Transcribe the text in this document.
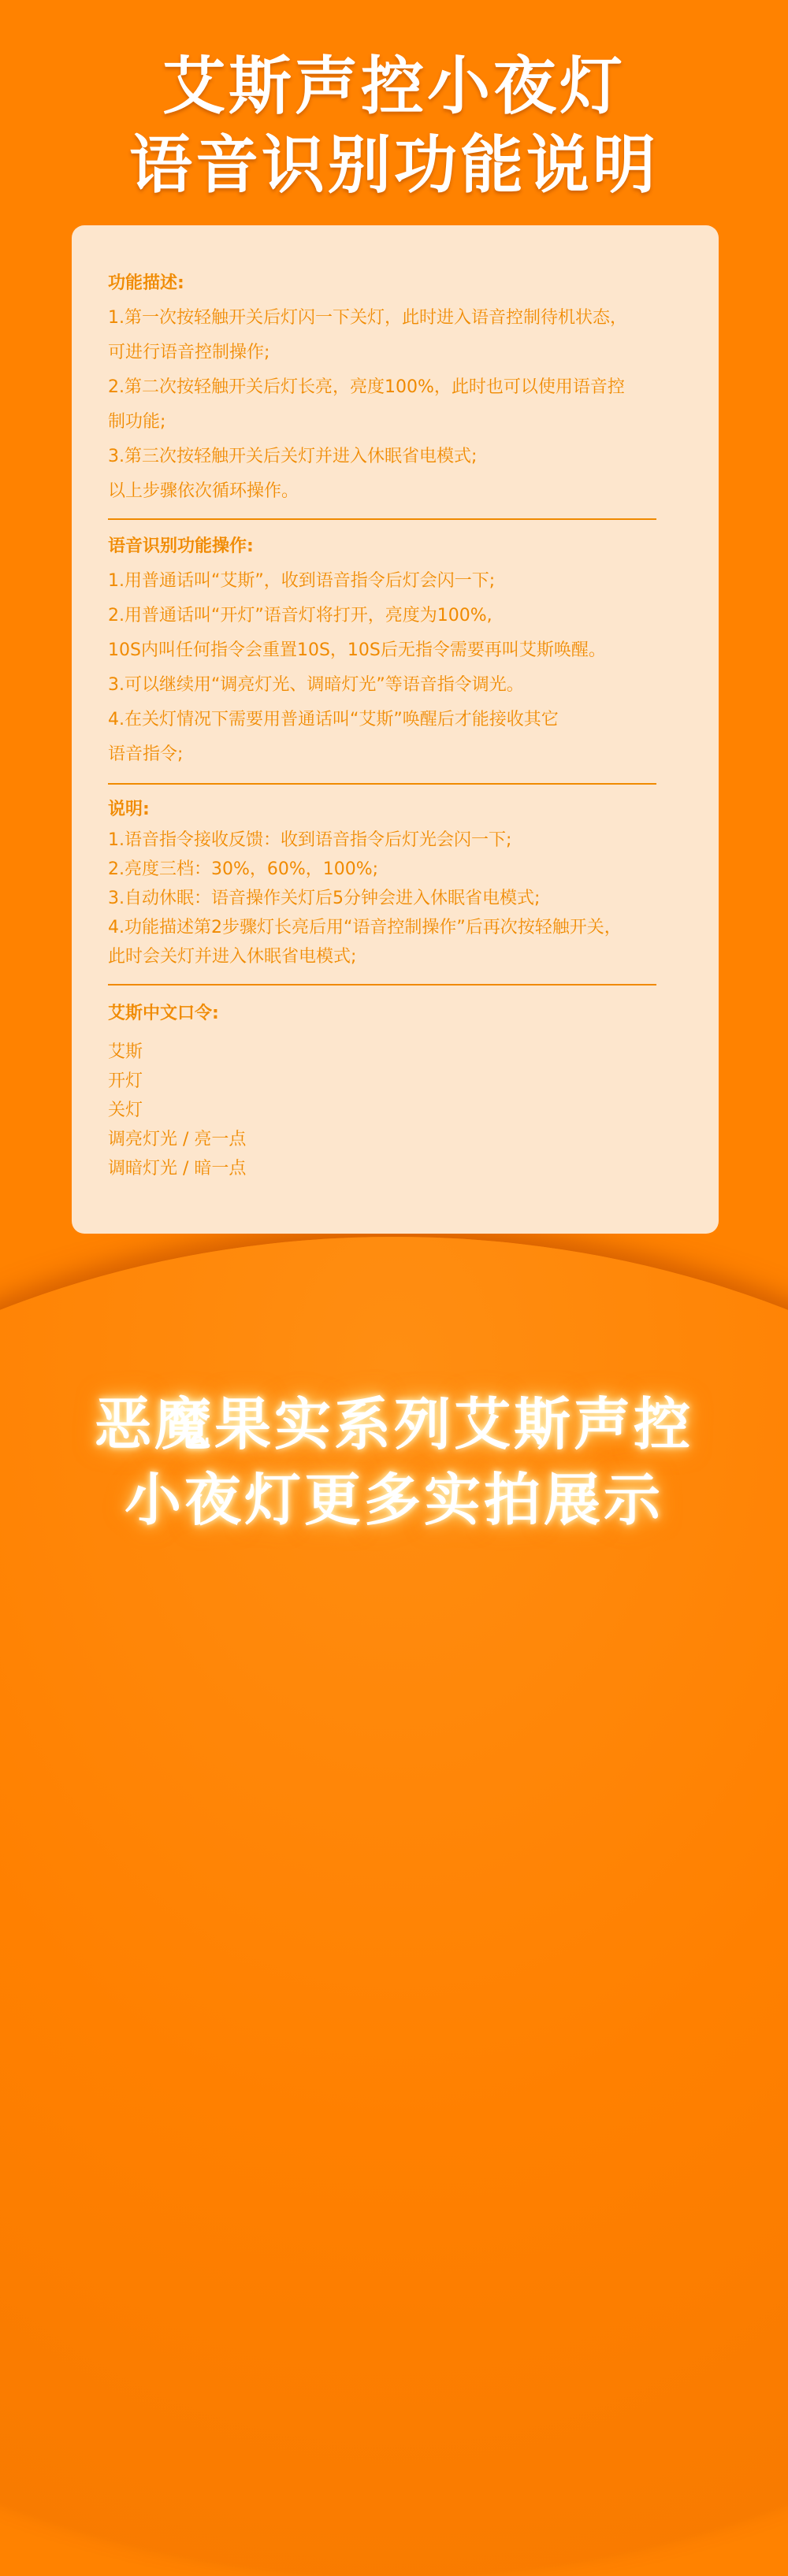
艾斯声控小夜灯
语音识别功能说明
功能描述:
1.第一次按轻触开关后灯闪一下关灯，此时进入语音控制待机状态，
可进行语音控制操作;
2.第二次按轻触开关后灯长亮，亮度100%，此时也可以使用语音控
制功能;
3.第三次按轻触开关后关灯并进入休眠省电模式;
以上步骤依次循环操作。
语音识别功能操作:
1.用普通话叫“艾斯”，收到语音指令后灯会闪一下;
2.用普通话叫“开灯”语音灯将打开，亮度为100%,
10S内叫任何指令会重置10S，10S后无指令需要再叫艾斯唤醒。
3.可以继续用“调亮灯光、调暗灯光”等语音指令调光。
4.在关灯情况下需要用普通话叫“艾斯”唤醒后才能接收其它
语音指令;
说明:
1.语音指令接收反馈：收到语音指令后灯光会闪一下;
2.亮度三档：30%，60%，100%;
3.自动休眠：语音操作关灯后5分钟会进入休眠省电模式;
4.功能描述第2步骤灯长亮后用“语音控制操作”后再次按轻触开关，
此时会关灯并进入休眠省电模式;
艾斯中文口令:
艾斯
开灯
关灯
调亮灯光 / 亮一点
调暗灯光 / 暗一点
恶魔果实系列艾斯声控
小夜灯更多实拍展示
